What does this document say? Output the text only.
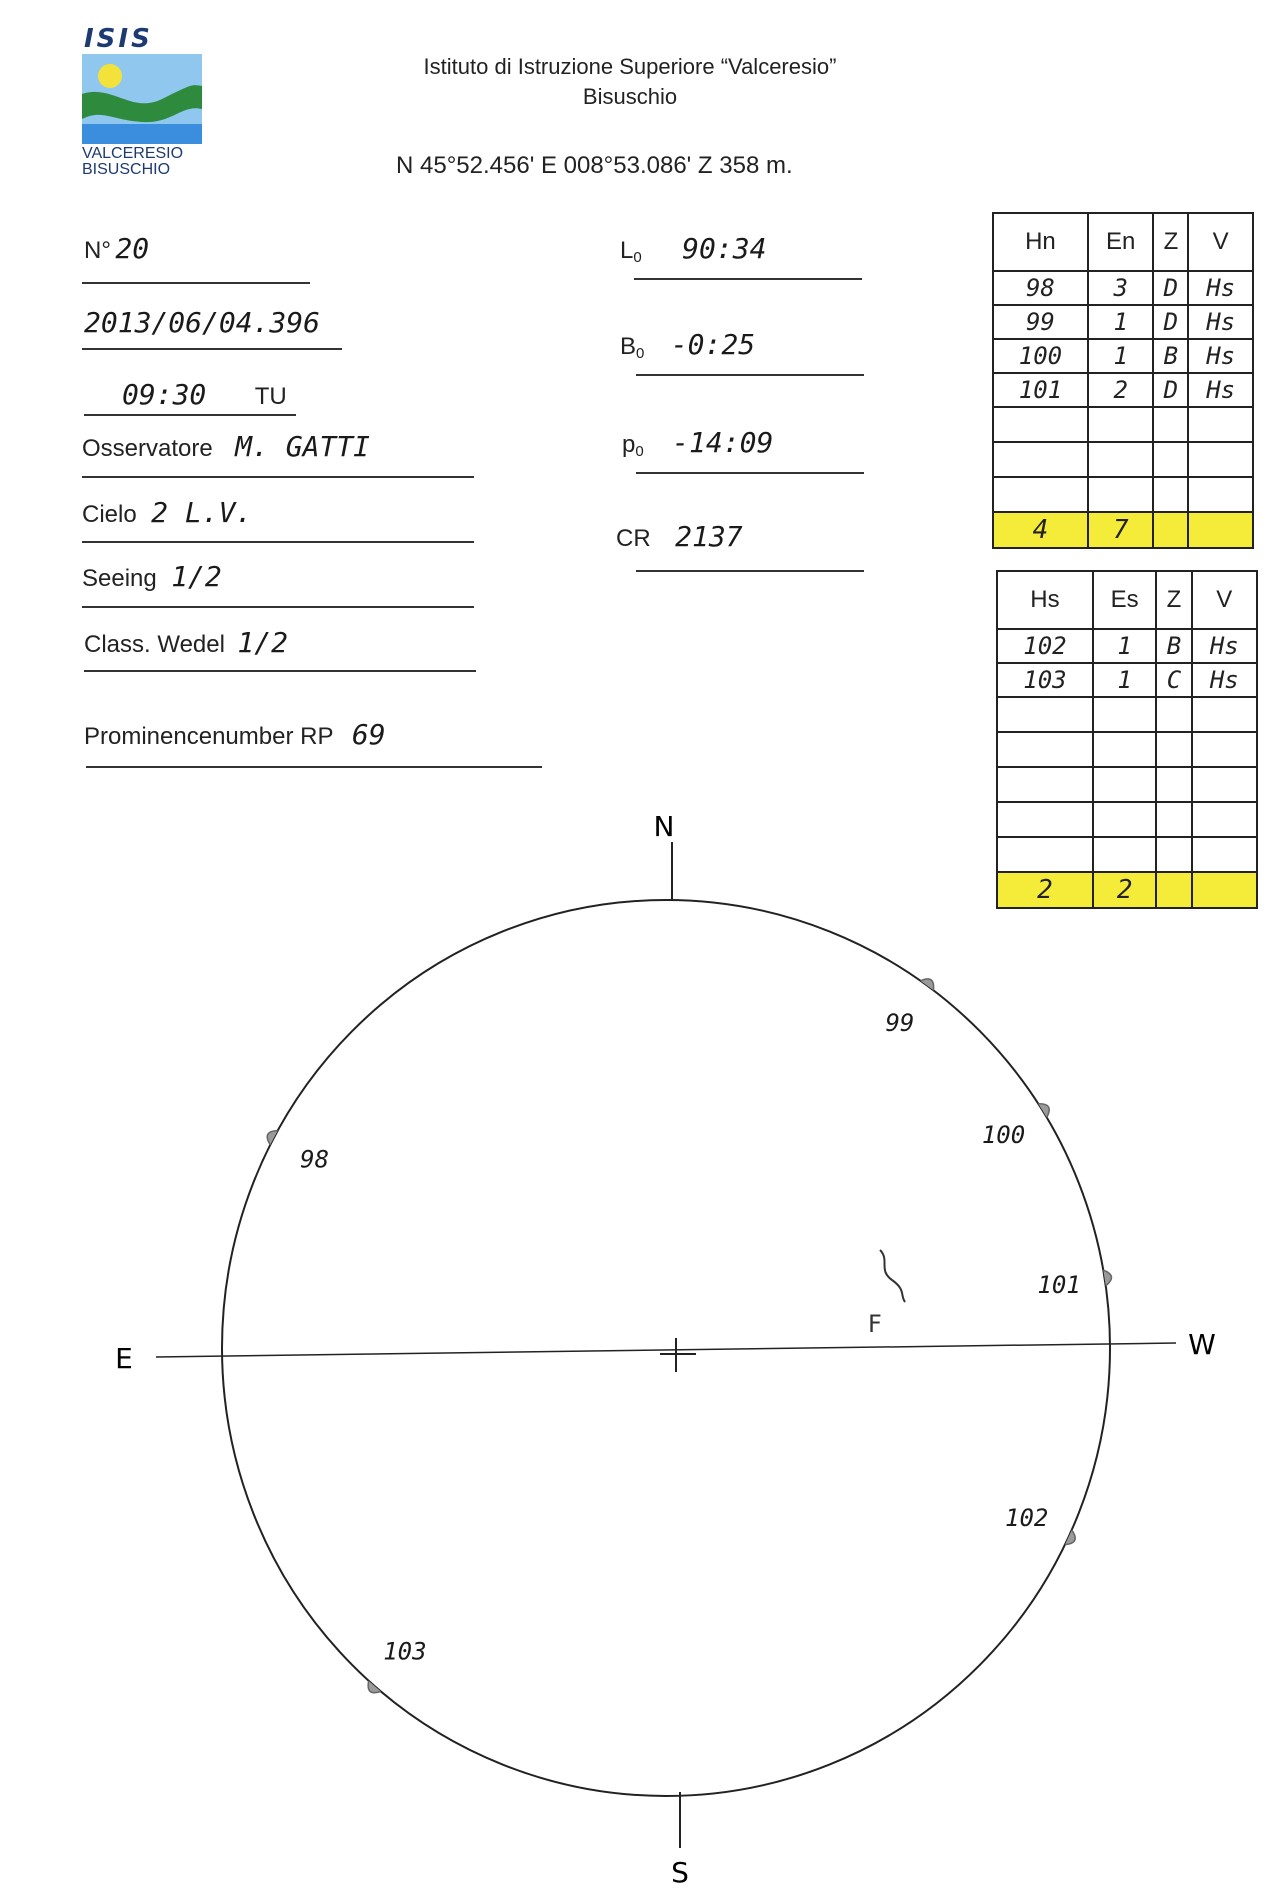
ISIS
VALCERESIO
BISUSCHIO
Istituto di Istruzione Superiore “Valceresio”
Bisuschio
N 45°52.456' E 008°53.086' Z 358 m.
N° 20
2013/06/04.396
09:30 TU
Osservatore M. GATTI
Cielo 2 L.V.
Seeing 1/2
Class. Wedel 1/2
Prominencenumber RP 69
$L_0$ 90:34
$B_0$ -0:25
$p_0$ -14:09
CR 2137
Hn	En	Z	V
98	3	D	Hs
99	1	D	Hs
100	1	B	Hs
101	2	D	Hs

4	7		
Hs	Es	Z	V
102	1	B	Hs
103	1	C	Hs

2	2		
N
S
E	W
98
99
100
101
102
103
F
